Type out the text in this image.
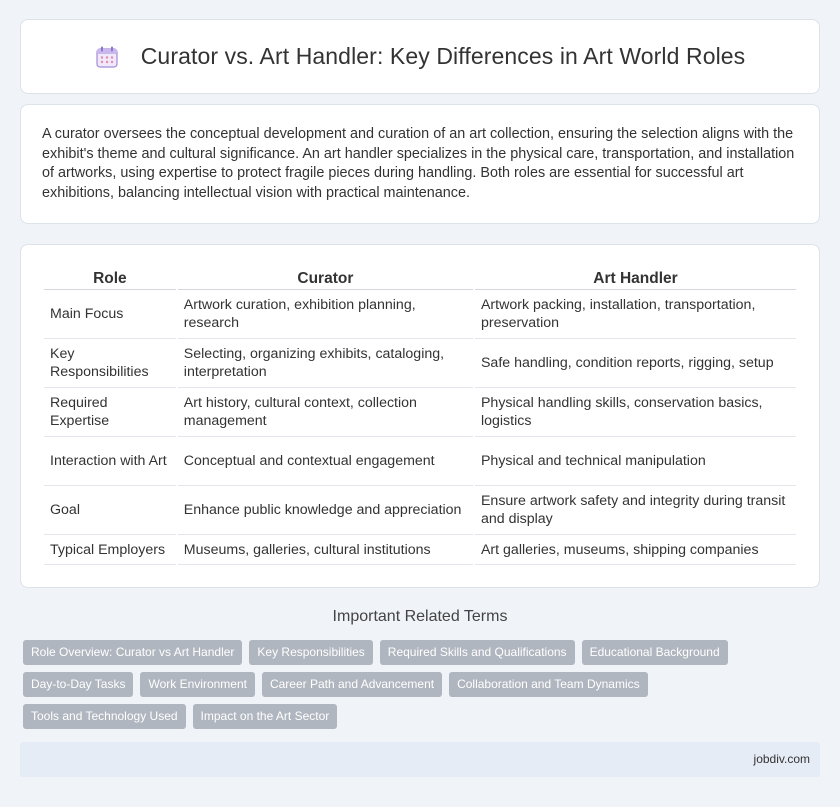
Curator vs. Art Handler: Key Differences in Art World Roles

A curator oversees the conceptual development and curation of an art collection, ensuring the selection aligns with the exhibit's theme and cultural significance. An art handler specializes in the physical care, transportation, and installation of artworks, using expertise to protect fragile pieces during handling. Both roles are essential for successful art exhibitions, balancing intellectual vision with practical maintenance.

Role	Curator	Art Handler
Main Focus	Artwork curation, exhibition planning, research	Artwork packing, installation, transportation, preservation
Key Responsibilities	Selecting, organizing exhibits, cataloging, interpretation	Safe handling, condition reports, rigging, setup
Required Expertise	Art history, cultural context, collection management	Physical handling skills, conservation basics, logistics
Interaction with Art	Conceptual and contextual engagement	Physical and technical manipulation
Goal	Enhance public knowledge and appreciation	Ensure artwork safety and integrity during transit and display
Typical Employers	Museums, galleries, cultural institutions	Art galleries, museums, shipping companies
Important Related Terms
Role Overview: Curator vs Art Handler	Key Responsibilities	Required Skills and Qualifications	Educational Background
Day-to-Day Tasks	Work Environment	Career Path and Advancement	Collaboration and Team Dynamics
Tools and Technology Used	Impact on the Art Sector
jobdiv.com
